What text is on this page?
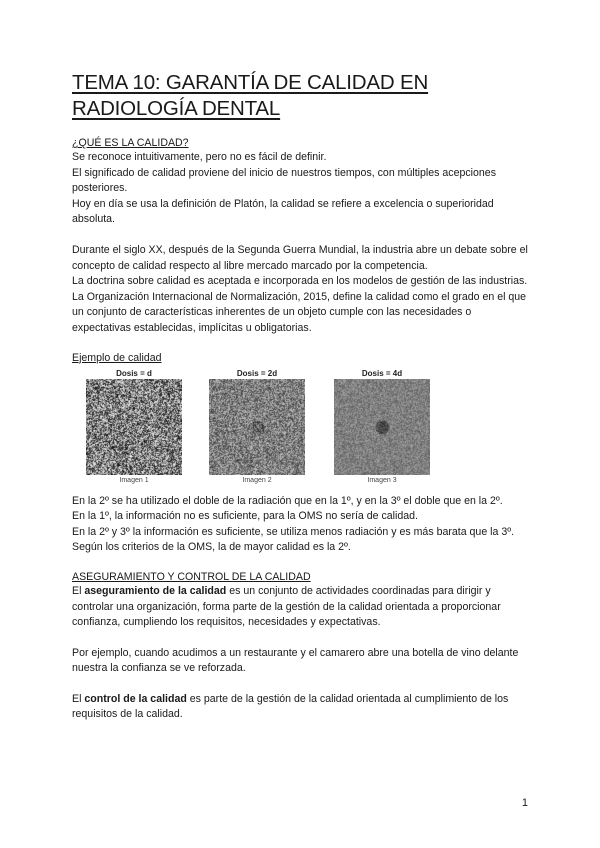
TEMA 10: GARANTÍA DE CALIDAD EN RADIOLOGÍA DENTAL
¿QUÉ ES LA CALIDAD?

Se reconoce intuitivamente, pero no es fácil de definir.

El significado de calidad proviene del inicio de nuestros tiempos, con múltiples acepciones posteriores.

Hoy en día se usa la definición de Platón, la calidad se refiere a excelencia o superioridad absoluta.

Durante el siglo XX, después de la Segunda Guerra Mundial, la industria abre un debate sobre el concepto de calidad respecto al libre mercado marcado por la competencia.

La doctrina sobre calidad es aceptada e incorporada en los modelos de gestión de las industrias.

La Organización Internacional de Normalización, 2015, define la calidad como el grado en el que un conjunto de características inherentes de un objeto cumple con las necesidades o expectativas establecidas, implícitas u obligatorias.

Ejemplo de calidad
Dosis = d
Imagen 1
Dosis = 2d
Imagen 2
Dosis = 4d
Imagen 3

En la 2º se ha utilizado el doble de la radiación que en la 1º, y en la 3º el doble que en la 2º.

En la 1º, la información no es suficiente, para la OMS no sería de calidad.

En la 2º y 3º la información es suficiente, se utiliza menos radiación y es más barata que la 3º.

Según los criterios de la OMS, la de mayor calidad es la 2º.

ASEGURAMIENTO Y CONTROL DE LA CALIDAD

El aseguramiento de la calidad es un conjunto de actividades coordinadas para dirigir y controlar una organización, forma parte de la gestión de la calidad orientada a proporcionar confianza, cumpliendo los requisitos, necesidades y expectativas.

Por ejemplo, cuando acudimos a un restaurante y el camarero abre una botella de vino delante nuestra la confianza se ve reforzada.

El control de la calidad es parte de la gestión de la calidad orientada al cumplimiento de los requisitos de la calidad.

1
